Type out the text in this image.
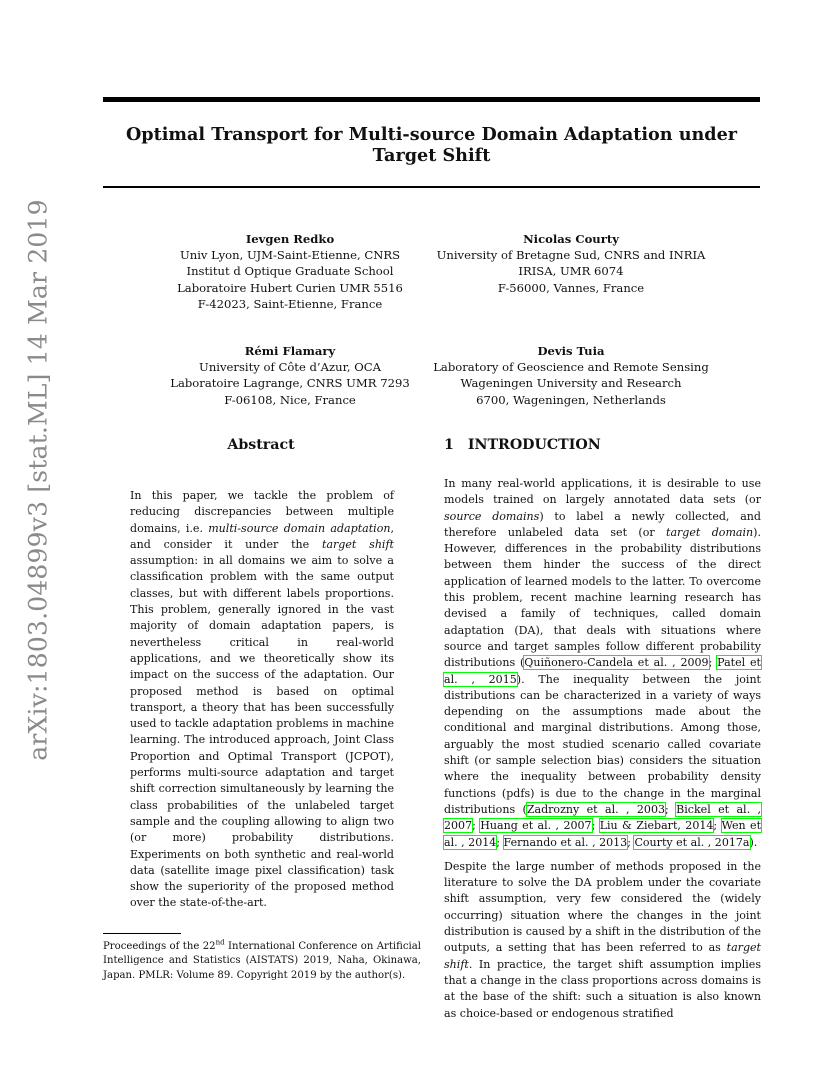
Optimal Transport for Multi-source Domain Adaptation under Target Shift
arXiv:1803.04899v3 [stat.ML] 14 Mar 2019	Ievgen Redko
Univ Lyon, UJM-Saint-Etienne, CNRS
Institut d Optique Graduate School
Laboratoire Hubert Curien UMR 5516
F-42023, Saint-Etienne, France
Nicolas Courty
University of Bretagne Sud, CNRS and INRIA
IRISA, UMR 6074
F-56000, Vannes, France
Rémi Flamary
University of Côte d’Azur, OCA
Laboratoire Lagrange, CNRS UMR 7293
F-06108, Nice, France
Devis Tuia
Laboratory of Geoscience and Remote Sensing
Wageningen University and Research
6700, Wageningen, Netherlands
Abstract

In this paper, we tackle the problem of reducing discrepancies between multiple domains, i.e. multi-source domain adaptation, and consider it under the target shift assumption: in all domains we aim to solve a classification problem with the same output classes, but with different labels proportions. This problem, generally ignored in the vast majority of domain adaptation papers, is nevertheless critical in real-world applications, and we theoretically show its impact on the success of the adaptation. Our proposed method is based on optimal transport, a theory that has been successfully used to tackle adaptation problems in machine learning. The introduced approach, Joint Class Proportion and Optimal Transport (JCPOT), performs multi-source adaptation and target shift correction simultaneously by learning the class probabilities of the unlabeled target sample and the coupling allowing to align two (or more) probability distributions. Experiments on both synthetic and real-world data (satellite image pixel classification) task show the superiority of the proposed method over the state-of-the-art.

1 INTRODUCTION

In many real-world applications, it is desirable to use models trained on largely annotated data sets (or source domains) to label a newly collected, and therefore unlabeled data set (or target domain). However, differences in the probability distributions between them hinder the success of the direct application of learned models to the latter. To overcome this problem, recent machine learning research has devised a family of techniques, called domain adaptation (DA), that deals with situations where source and target samples follow different probability distributions (Quiñonero-Candela et al. , 2009; Patel et al. , 2015). The inequality between the joint distributions can be characterized in a variety of ways depending on the assumptions made about the conditional and marginal distributions. Among those, arguably the most studied scenario called covariate shift (or sample selection bias) considers the situation where the inequality between probability density functions (pdfs) is due to the change in the marginal distributions (Zadrozny et al. , 2003; Bickel et al. , 2007; Huang et al. , 2007; Liu & Ziebart, 2014; Wen et al. , 2014; Fernando et al. , 2013; Courty et al. , 2017a).

Despite the large number of methods proposed in the literature to solve the DA problem under the covariate shift assumption, very few considered the (widely occurring) situation where the changes in the joint distribution is caused by a shift in the distribution of the outputs, a setting that has been referred to as target shift. In practice, the target shift assumption implies that a change in the class proportions across domains is at the base of the shift: such a situation is also known as choice-based or endogenous stratified

Proceedings of the 22nd International Conference on Artificial Intelligence and Statistics (AISTATS) 2019, Naha, Okinawa, Japan. PMLR: Volume 89. Copyright 2019 by the author(s).
